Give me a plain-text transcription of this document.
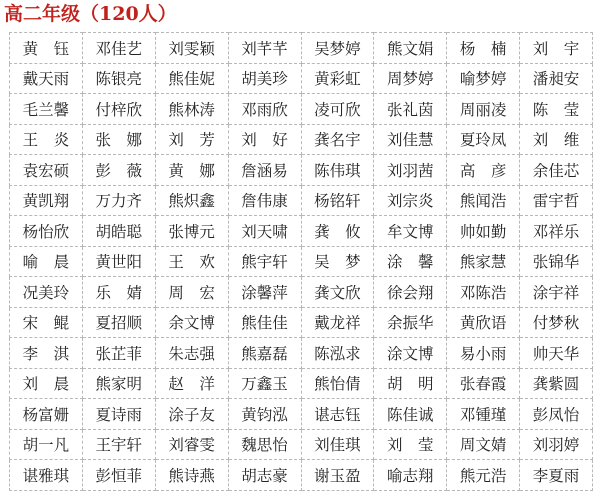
高二年级（120人）
黄　钰	邓佳艺	刘雯颖	刘芊芊	吴梦婷	熊文娟	杨　楠	刘　宇
戴天雨	陈银亮	熊佳妮	胡美珍	黄彩虹	周梦婷	喻梦婷	潘昶安
毛兰馨	付梓欣	熊林涛	邓雨欣	凌可欣	张礼茵	周丽凌	陈　莹
王　炎	张　娜	刘　芳	刘　好	龚名宇	刘佳慧	夏玲凤	刘　维
袁宏硕	彭　薇	黄　娜	詹涵易	陈伟琪	刘羽茜	高　彦	余佳芯
黄凯翔	万力齐	熊炽鑫	詹伟康	杨铭轩	刘宗炎	熊闻浩	雷宇哲
杨怡欣	胡皓聪	张博元	刘天啸	龚　攸	牟文博	帅如勤	邓祥乐
喻　晨	黄世阳	王　欢	熊宇轩	吴　梦	涂　馨	熊家慧	张锦华
况美玲	乐　婧	周　宏	涂馨萍	龚文欣	徐会翔	邓陈浩	涂宇祥
宋　鲲	夏招顺	余文博	熊佳佳	戴龙祥	余振华	黄欣语	付梦秋
李　淇	张芷菲	朱志强	熊嘉磊	陈泓求	涂文博	易小雨	帅天华
刘　晨	熊家明	赵　洋	万鑫玉	熊怡倩	胡　明	张春霞	龚紫圆
杨富姗	夏诗雨	涂子友	黄钧泓	谌志钰	陈佳诚	邓锺瑾	彭凤怡
胡一凡	王宇轩	刘睿雯	魏思怡	刘佳琪	刘　莹	周文婧	刘羽婷
谌雅琪	彭恒菲	熊诗燕	胡志豪	谢玉盈	喻志翔	熊元浩	李夏雨
